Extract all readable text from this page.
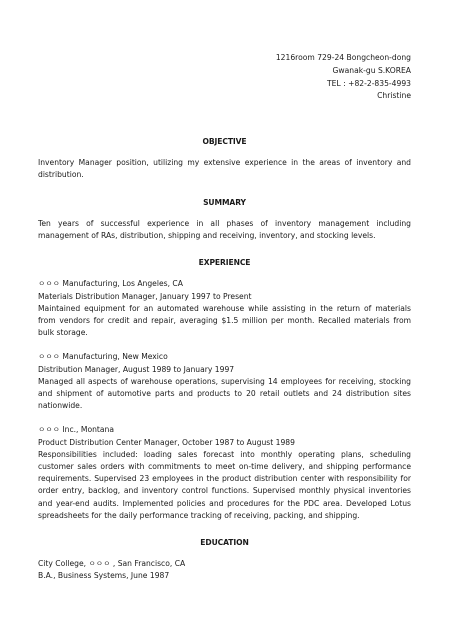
1216room 729-24 Bongcheon-dong
Gwanak-gu S.KOREA
TEL : +82-2-835-4993
Christine

OBJECTIVE

Inventory Manager position, utilizing my extensive experience in the areas of inventory and distribution.

SUMMARY

Ten years of successful experience in all phases of inventory management including management of RAs, distribution, shipping and receiving, inventory, and stocking levels.

EXPERIENCE

ㅇㅇㅇ Manufacturing, Los Angeles, CA
Materials Distribution Manager, January 1997 to Present

Maintained equipment for an automated warehouse while assisting in the return of materials from vendors for credit and repair, averaging $1.5 million per month. Recalled materials from bulk storage.

ㅇㅇㅇ Manufacturing, New Mexico
Distribution Manager, August 1989 to January 1997

Managed all aspects of warehouse operations, supervising 14 employees for receiving, stocking and shipment of automotive parts and products to 20 retail outlets and 24 distribution sites nationwide.

ㅇㅇㅇ Inc., Montana
Product Distribution Center Manager, October 1987 to August 1989

Responsibilities included: loading sales forecast into monthly operating plans, scheduling customer sales orders with commitments to meet on-time delivery, and shipping performance requirements. Supervised 23 employees in the product distribution center with responsibility for order entry, backlog, and inventory control functions. Supervised monthly physical inventories and year-end audits. Implemented policies and procedures for the PDC area. Developed Lotus spreadsheets for the daily performance tracking of receiving, packing, and shipping.

EDUCATION

City College, ㅇㅇㅇ , San Francisco, CA
B.A., Business Systems, June 1987
